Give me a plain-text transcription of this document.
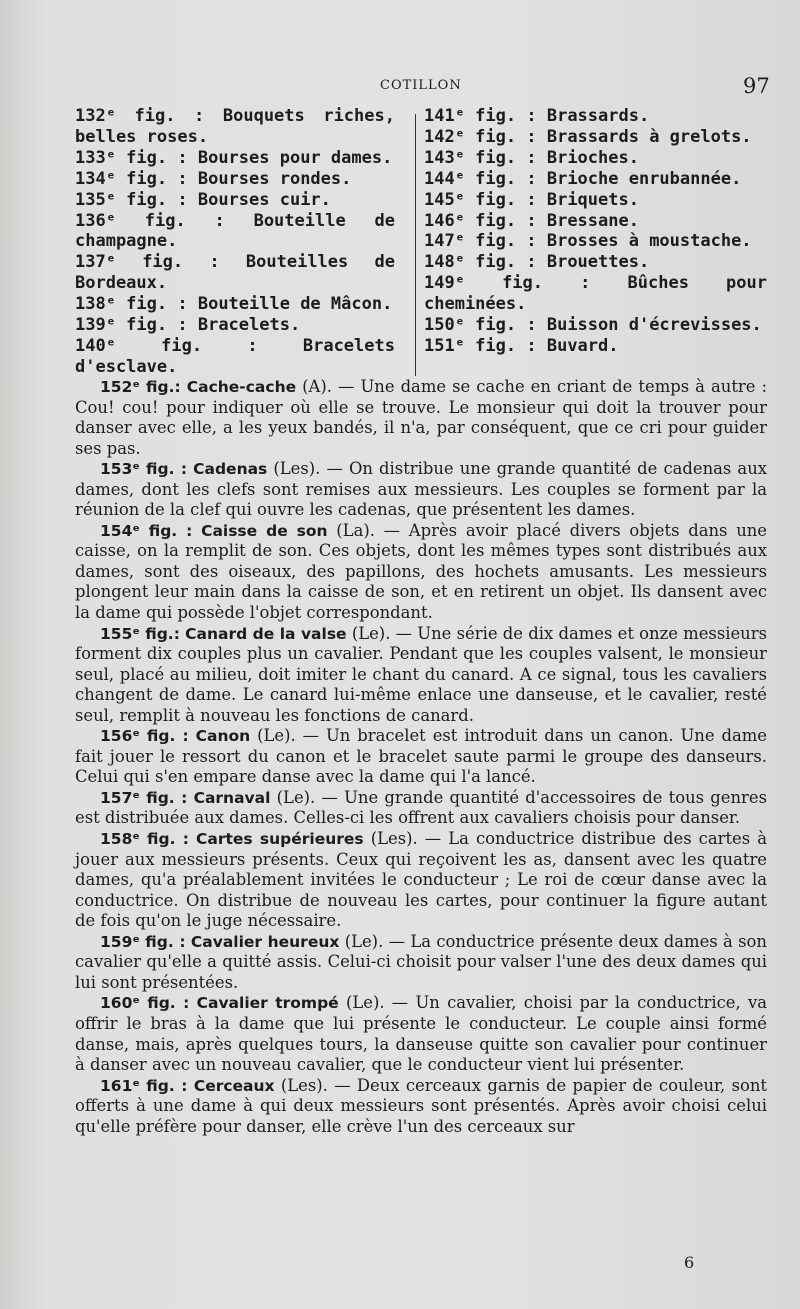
COTILLON	97

132ᵉ fig. : Bouquets riches, belles roses.

133ᵉ fig. : Bourses pour dames.

134ᵉ fig. : Bourses rondes.

135ᵉ fig. : Bourses cuir.

136ᵉ fig. : Bouteille de champagne.

137ᵉ fig. : Bouteilles de Bordeaux.

138ᵉ fig. : Bouteille de Mâcon.

139ᵉ fig. : Bracelets.

140ᵉ fig. :	Bracelets d'esclave.

141ᵉ fig. : Brassards.

142ᵉ fig. : Brassards à grelots.

143ᵉ fig. : Brioches.

144ᵉ fig. : Brioche enrubannée.

145ᵉ fig. : Briquets.

146ᵉ fig. : Bressane.

147ᵉ fig. : Brosses à moustache.

148ᵉ fig. : Brouettes.

149ᵉ fig. : Bûches pour cheminées.

150ᵉ fig. : Buisson d'écrevisses.

151ᵉ fig. : Buvard.

152ᵉ fig.: Cache-cache (A). — Une dame se cache en criant de temps à autre : Cou! cou! pour indiquer où elle se trouve. Le monsieur qui doit la trouver pour danser avec elle, a les yeux bandés, il n'a, par conséquent, que ce cri pour guider ses pas.

153ᵉ fig. : Cadenas (Les). — On distribue une grande quantité de cadenas aux dames, dont les clefs sont remises aux messieurs. Les couples se forment par la réunion de la clef qui ouvre les cadenas, que présentent les dames.

154ᵉ fig. : Caisse de son (La). — Après avoir placé divers objets dans une caisse, on la remplit de son. Ces objets, dont les mêmes types sont distribués aux dames, sont des oiseaux, des papillons, des hochets amusants. Les messieurs plongent leur main dans la caisse de son, et en retirent un objet. Ils dansent avec la dame qui possède l'objet correspondant.

155ᵉ fig.: Canard de la valse (Le). — Une série de dix dames et onze messieurs forment dix couples plus un cavalier. Pendant que les couples valsent, le monsieur seul, placé au milieu, doit imiter le chant du canard. A ce signal, tous les cavaliers changent de dame. Le canard lui-même enlace une danseuse, et le cavalier, resté seul, remplit à nouveau les fonctions de canard.

156ᵉ fig. : Canon (Le). — Un bracelet est introduit dans un canon. Une dame fait jouer le ressort du canon et le bracelet saute parmi le groupe des danseurs. Celui qui s'en empare danse avec la dame qui l'a lancé.

157ᵉ fig. : Carnaval (Le). — Une grande quantité d'accessoires de tous genres est distribuée aux dames. Celles-ci les offrent aux cavaliers choisis pour danser.

158ᵉ fig. : Cartes supérieures (Les). — La conductrice distribue des cartes à jouer aux messieurs présents. Ceux qui reçoivent les as, dansent avec les quatre dames, qu'a préalablement invitées le conducteur ; Le roi de cœur danse avec la conductrice. On distribue de nouveau les cartes, pour continuer la figure autant de fois qu'on le juge nécessaire.

159ᵉ fig. : Cavalier heureux (Le). — La conductrice présente deux dames à son cavalier qu'elle a quitté assis. Celui-ci choisit pour valser l'une des deux dames qui lui sont présentées.

160ᵉ fig. : Cavalier trompé (Le). — Un cavalier, choisi par la conductrice, va offrir le bras à la dame que lui présente le conducteur. Le couple ainsi formé danse, mais, après quelques tours, la danseuse quitte son cavalier pour continuer à danser avec un nouveau cavalier, que le conducteur vient lui présenter.

161ᵉ fig. : Cerceaux (Les). — Deux cerceaux garnis de papier de couleur, sont offerts à une dame à qui deux messieurs sont présentés. Après avoir choisi celui qu'elle préfère pour danser, elle crève l'un des cerceaux sur

6
